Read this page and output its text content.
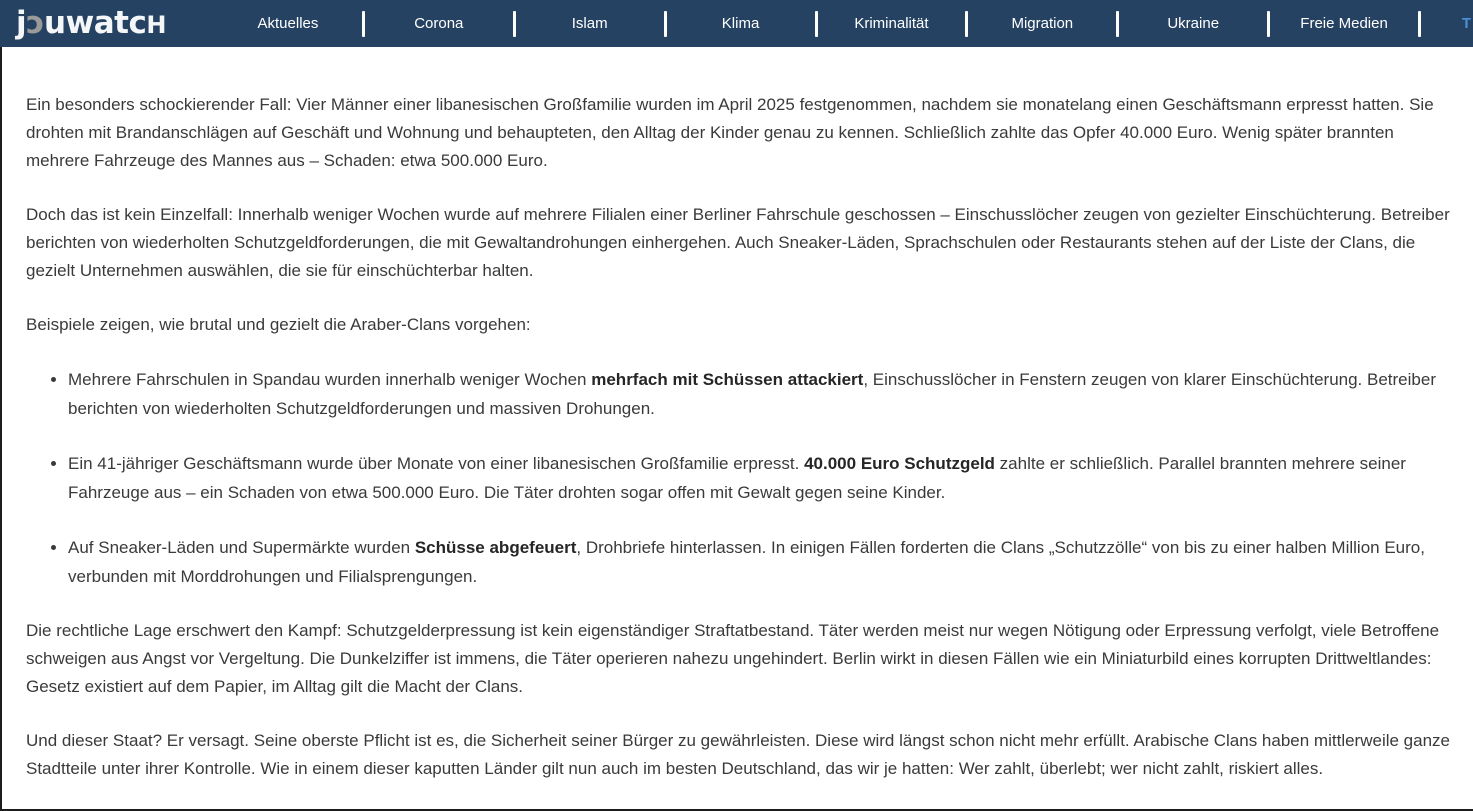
j ɔ uwatc H	Aktuelles	Corona	Islam	Klima	Kriminalität	Migration	Ukraine	Freie Medien	T

Ein besonders schockierender Fall: Vier Männer einer libanesischen Großfamilie wurden im April 2025 festgenommen, nachdem sie monatelang einen Geschäftsmann erpresst hatten. Sie drohten mit Brandanschlägen auf Geschäft und Wohnung und behaupteten, den Alltag der Kinder genau zu kennen. Schließlich zahlte das Opfer 40.000 Euro. Wenig später brannten mehrere Fahrzeuge des Mannes aus – Schaden: etwa 500.000 Euro.

Doch das ist kein Einzelfall: Innerhalb weniger Wochen wurde auf mehrere Filialen einer Berliner Fahrschule geschossen – Einschusslöcher zeugen von gezielter Einschüchterung. Betreiber berichten von wiederholten Schutzgeldforderungen, die mit Gewaltandrohungen einhergehen. Auch Sneaker-Läden, Sprachschulen oder Restaurants stehen auf der Liste der Clans, die gezielt Unternehmen auswählen, die sie für einschüchterbar halten.

Beispiele zeigen, wie brutal und gezielt die Araber-Clans vorgehen:

Mehrere Fahrschulen in Spandau wurden innerhalb weniger Wochen mehrfach mit Schüssen attackiert, Einschusslöcher in Fenstern zeugen von klarer Einschüchterung. Betreiber berichten von wiederholten Schutzgeldforderungen und massiven Drohungen.
Ein 41-jähriger Geschäftsmann wurde über Monate von einer libanesischen Großfamilie erpresst. 40.000 Euro Schutzgeld zahlte er schließlich. Parallel brannten mehrere seiner Fahrzeuge aus – ein Schaden von etwa 500.000 Euro. Die Täter drohten sogar offen mit Gewalt gegen seine Kinder.
Auf Sneaker-Läden und Supermärkte wurden Schüsse abgefeuert, Drohbriefe hinterlassen. In einigen Fällen forderten die Clans „Schutzzölle“ von bis zu einer halben Million Euro, verbunden mit Morddrohungen und Filialsprengungen.

Die rechtliche Lage erschwert den Kampf: Schutzgelderpressung ist kein eigenständiger Straftatbestand. Täter werden meist nur wegen Nötigung oder Erpressung verfolgt, viele Betroffene schweigen aus Angst vor Vergeltung. Die Dunkelziffer ist immens, die Täter operieren nahezu ungehindert. Berlin wirkt in diesen Fällen wie ein Miniaturbild eines korrupten Drittweltlandes: Gesetz existiert auf dem Papier, im Alltag gilt die Macht der Clans.

Und dieser Staat? Er versagt. Seine oberste Pflicht ist es, die Sicherheit seiner Bürger zu gewährleisten. Diese wird längst schon nicht mehr erfüllt. Arabische Clans haben mittlerweile ganze Stadtteile unter ihrer Kontrolle. Wie in einem dieser kaputten Länder gilt nun auch im besten Deutschland, das wir je hatten: Wer zahlt, überlebt; wer nicht zahlt, riskiert alles.
